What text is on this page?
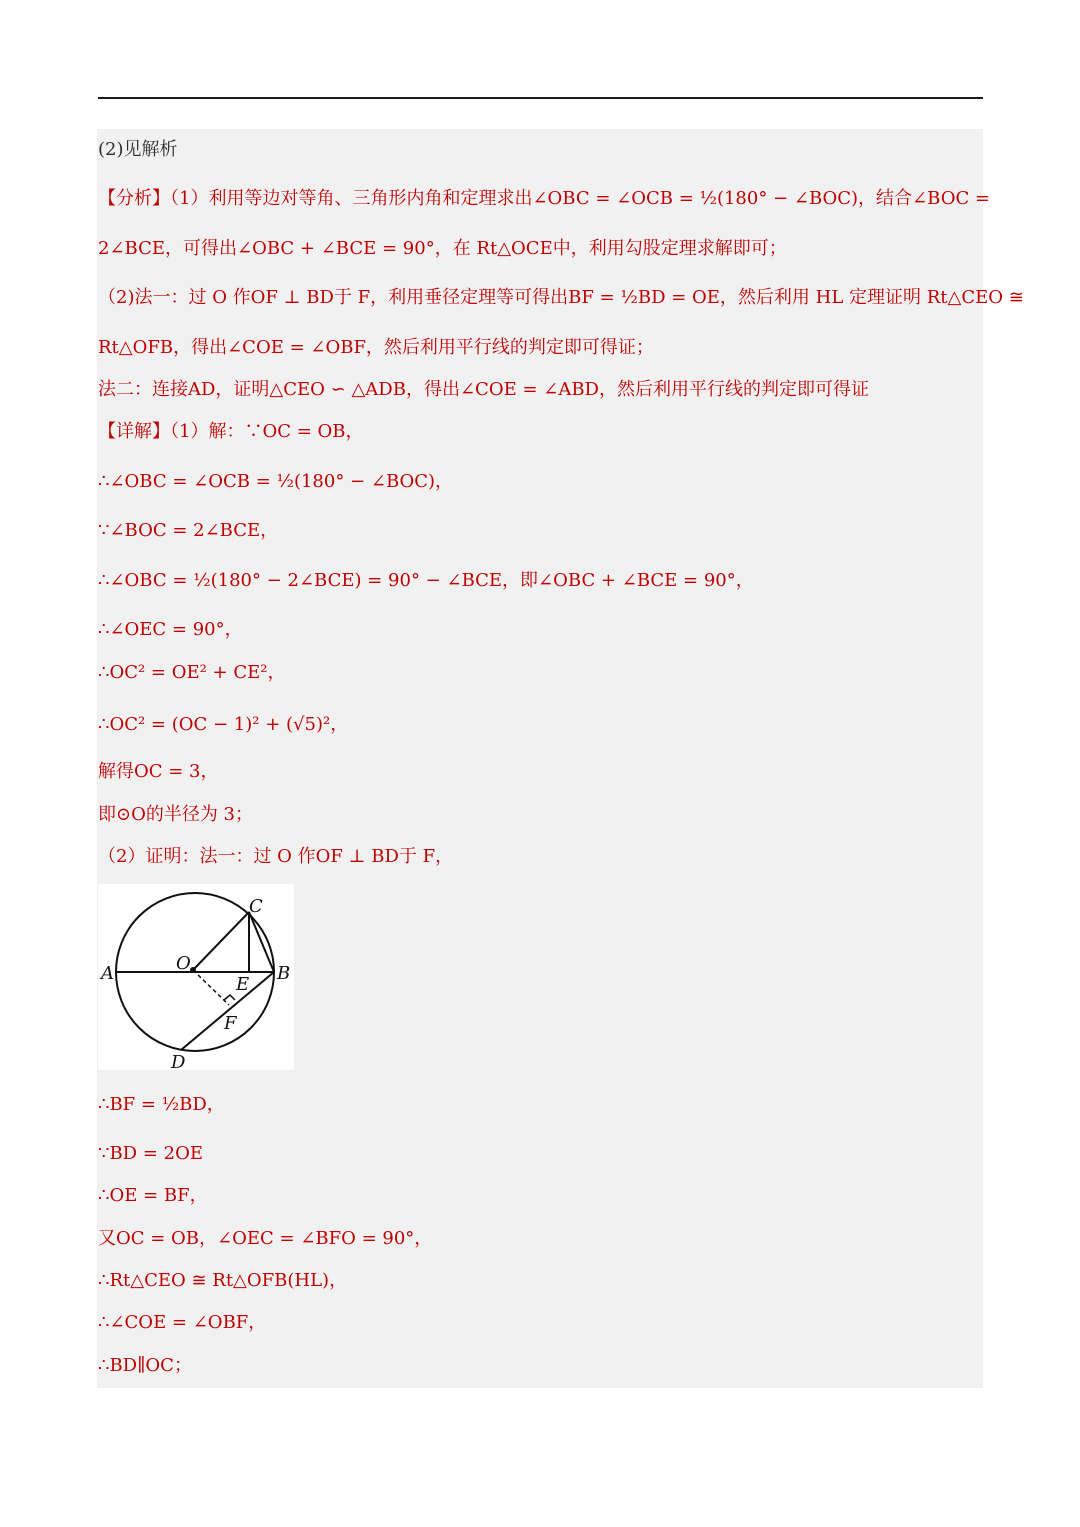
(2)见解析
【分析】（1）利用等边对等角、三角形内角和定理求出∠OBC = ∠OCB = ½(180° − ∠BOC)，结合∠BOC =
2∠BCE，可得出∠OBC + ∠BCE = 90°，在 Rt△OCE中，利用勾股定理求解即可；
（2)法一：过 O 作OF ⊥ BD于 F，利用垂径定理等可得出BF = ½BD = OE，然后利用 HL 定理证明 Rt△CEO ≅
Rt△OFB，得出∠COE = ∠OBF，然后利用平行线的判定即可得证；
法二：连接AD，证明△CEO ∽ △ADB，得出∠COE = ∠ABD，然后利用平行线的判定即可得证
【详解】（1）解：∵OC = OB，
∴∠OBC = ∠OCB = ½(180° − ∠BOC)，
∵∠BOC = 2∠BCE，
∴∠OBC = ½(180° − 2∠BCE) = 90° − ∠BCE，即∠OBC + ∠BCE = 90°，
∴∠OEC = 90°，
∴OC² = OE² + CE²，
∴OC² = (OC − 1)² + (√5)²，
解得OC = 3，
即⊙O的半径为 3；
（2）证明：法一：过 O 作OF ⊥ BD于 F，
A	B
C
D
E
F
O
∴BF = ½BD，
∵BD = 2OE
∴OE = BF，
又OC = OB，∠OEC = ∠BFO = 90°，
∴Rt△CEO ≅ Rt△OFB(HL)，
∴∠COE = ∠OBF，
∴BD∥OC；
